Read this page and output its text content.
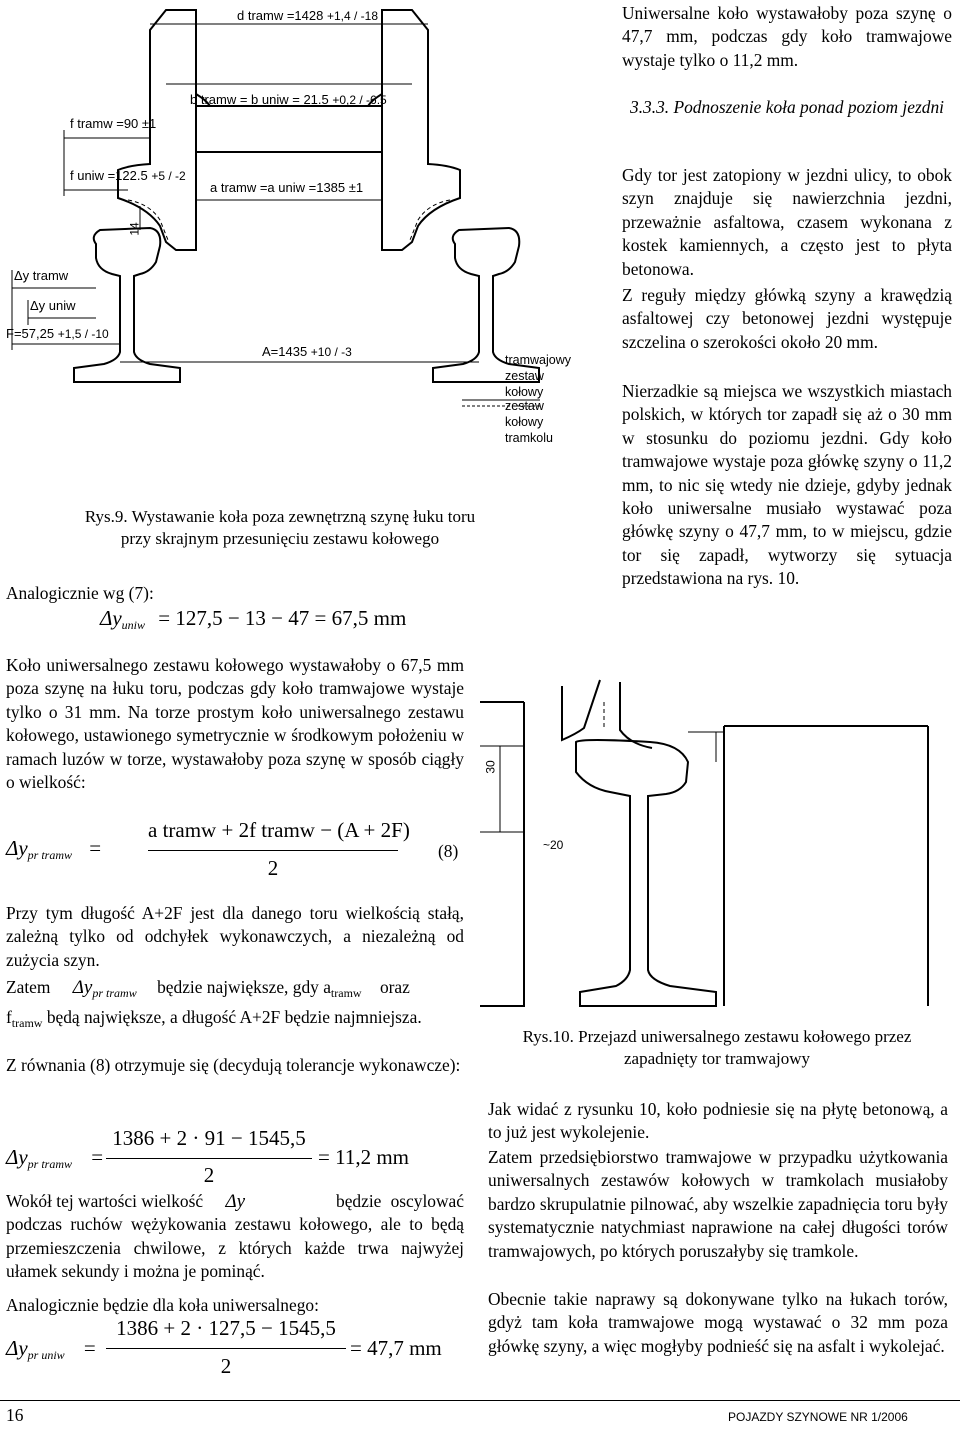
d tramw =1428 +1,4 / -18
b tramw = b uniw = 21.5 +0,2 / -6.5
f tramw =90 ±1
f uniw =122.5 +5 / -2
a tramw =a uniw =1385 ±1
14
Δy tramw
Δy uniw
F=57,25 +1,5 / -10
A=1435 +10 / -3
tramwajowy zestaw kołowy
zestaw kołowy tramkolu
Rys.9. Wystawanie koła poza zewnętrzną szynę łuku toru
przy skrajnym przesunięciu zestawu kołowego
Analogicznie wg (7):
$\Delta y_{uniw} = 127,5 - 13 - 47 = 67,5$ mm
Koło uniwersalnego zestawu kołowego wystawałoby o 67,5 mm poza szynę na łuku toru, podczas gdy koło tramwajowe wystaje tylko o 31 mm. Na torze prostym koło uniwersalnego zestawu kołowego, ustawionego symetrycznie w środkowym położeniu w ramach luzów w torze, wystawałoby poza szynę w sposób ciągły o wielkość:
$\Delta y_{pr tramw}$ =
a tramw + 2f tramw − (A + 2F)
2
(8)
Przy tym długość A+2F jest dla danego toru wielkością stałą, zależną tylko od odchyłek wykonawczych, a niezależną od zużycia szyn.
Zatem $\Delta y_{pr tramw}$ będzie największe, gdy $a_{tramw}$ oraz
$f_{tramw}$ będą największe, a długość A+2F będzie najmniejsza.
Z równania (8) otrzymuje się (decydują tolerancje wykonawcze):
$\Delta y_{pr tramw}$ =
1386 + 2 · 91 − 1545,5
2
= 11,2 mm
Wokół tej wartości wielkość Δy	będzie oscylować podczas ruchów wężykowania zestawu kołowego, ale to będą przemieszczenia chwilowe, z których każde trwa najwyżej ułamek sekundy i można je pominąć.
Analogicznie będzie dla koła uniwersalnego:
$\Delta y_{pr uniw}$ =
1386 + 2 · 127,5 − 1545,5
2
= 47,7 mm
Uniwersalne koło wystawałoby poza szynę o 47,7 mm, podczas gdy koło tramwajowe wystaje tylko o 11,2 mm.
3.3.3. Podnoszenie koła ponad poziom jezdni
Gdy tor jest zatopiony w jezdni ulicy, to obok szyn znajduje się nawierzchnia jezdni, przeważnie asfaltowa, czasem wykonana z kostek kamiennych, a często jest to płyta betonowa.
Z reguły między główką szyny a krawędzią asfaltowej czy betonowej jezdni występuje szczelina o szerokości około 20 mm.
Nierzadkie są miejsca we wszystkich miastach polskich, w których tor zapadł się aż o 30 mm w stosunku do poziomu jezdni. Gdy koło tramwajowe wystaje poza główkę szyny o 11,2 mm, to nic się wtedy nie dzieje, gdyby jednak koło uniwersalne musiało wystawać poza główkę szyny o 47,7 mm, to w miejscu, gdzie tor się zapadł, wytworzy się sytuacja przedstawiona na rys. 10.
30
~20
Rys.10. Przejazd uniwersalnego zestawu kołowego przez
zapadnięty tor tramwajowy
Jak widać z rysunku 10, koło podniesie się na płytę betonową, a to już jest wykolejenie.
Zatem przedsiębiorstwo tramwajowe w przypadku użytkowania uniwersalnych zestawów kołowych w tramkolach musiałoby bardzo skrupulatnie pilnować, aby wszelkie zapadnięcia toru były systematycznie natychmiast naprawione na całej długości torów tramwajowych, po których poruszałyby się tramkole.
Obecnie takie naprawy są dokonywane tylko na łukach torów, gdyż tam koła tramwajowe mogą wystawać o 32 mm poza główkę szyny, a więc mogłyby podnieść się na asfalt i wykolejać.
16	POJAZDY SZYNOWE NR 1/2006
